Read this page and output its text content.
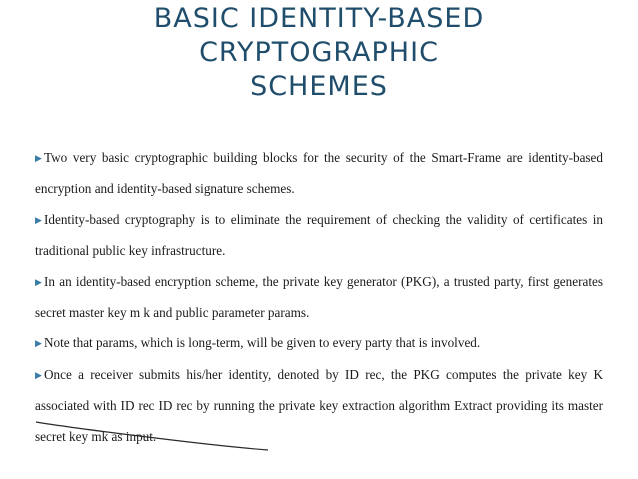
BASIC IDENTITY-BASED CRYPTOGRAPHIC
SCHEMES

▶ Two very basic cryptographic building blocks for the security of the Smart-Frame are identity-based encryption and identity-based signature schemes.

▶ Identity-based cryptography is to eliminate the requirement of checking the validity of certificates in traditional public key infrastructure.

▶ In an identity-based encryption scheme, the private key generator (PKG), a trusted party, first generates secret master key m k and public parameter params.

▶ Note that params, which is long-term, will be given to every party that is involved.

▶ Once a receiver submits his/her identity, denoted by ID rec, the PKG computes the private key K associated with ID rec ID rec by running the private key extraction algorithm Extract providing its master secret key mk as input.
